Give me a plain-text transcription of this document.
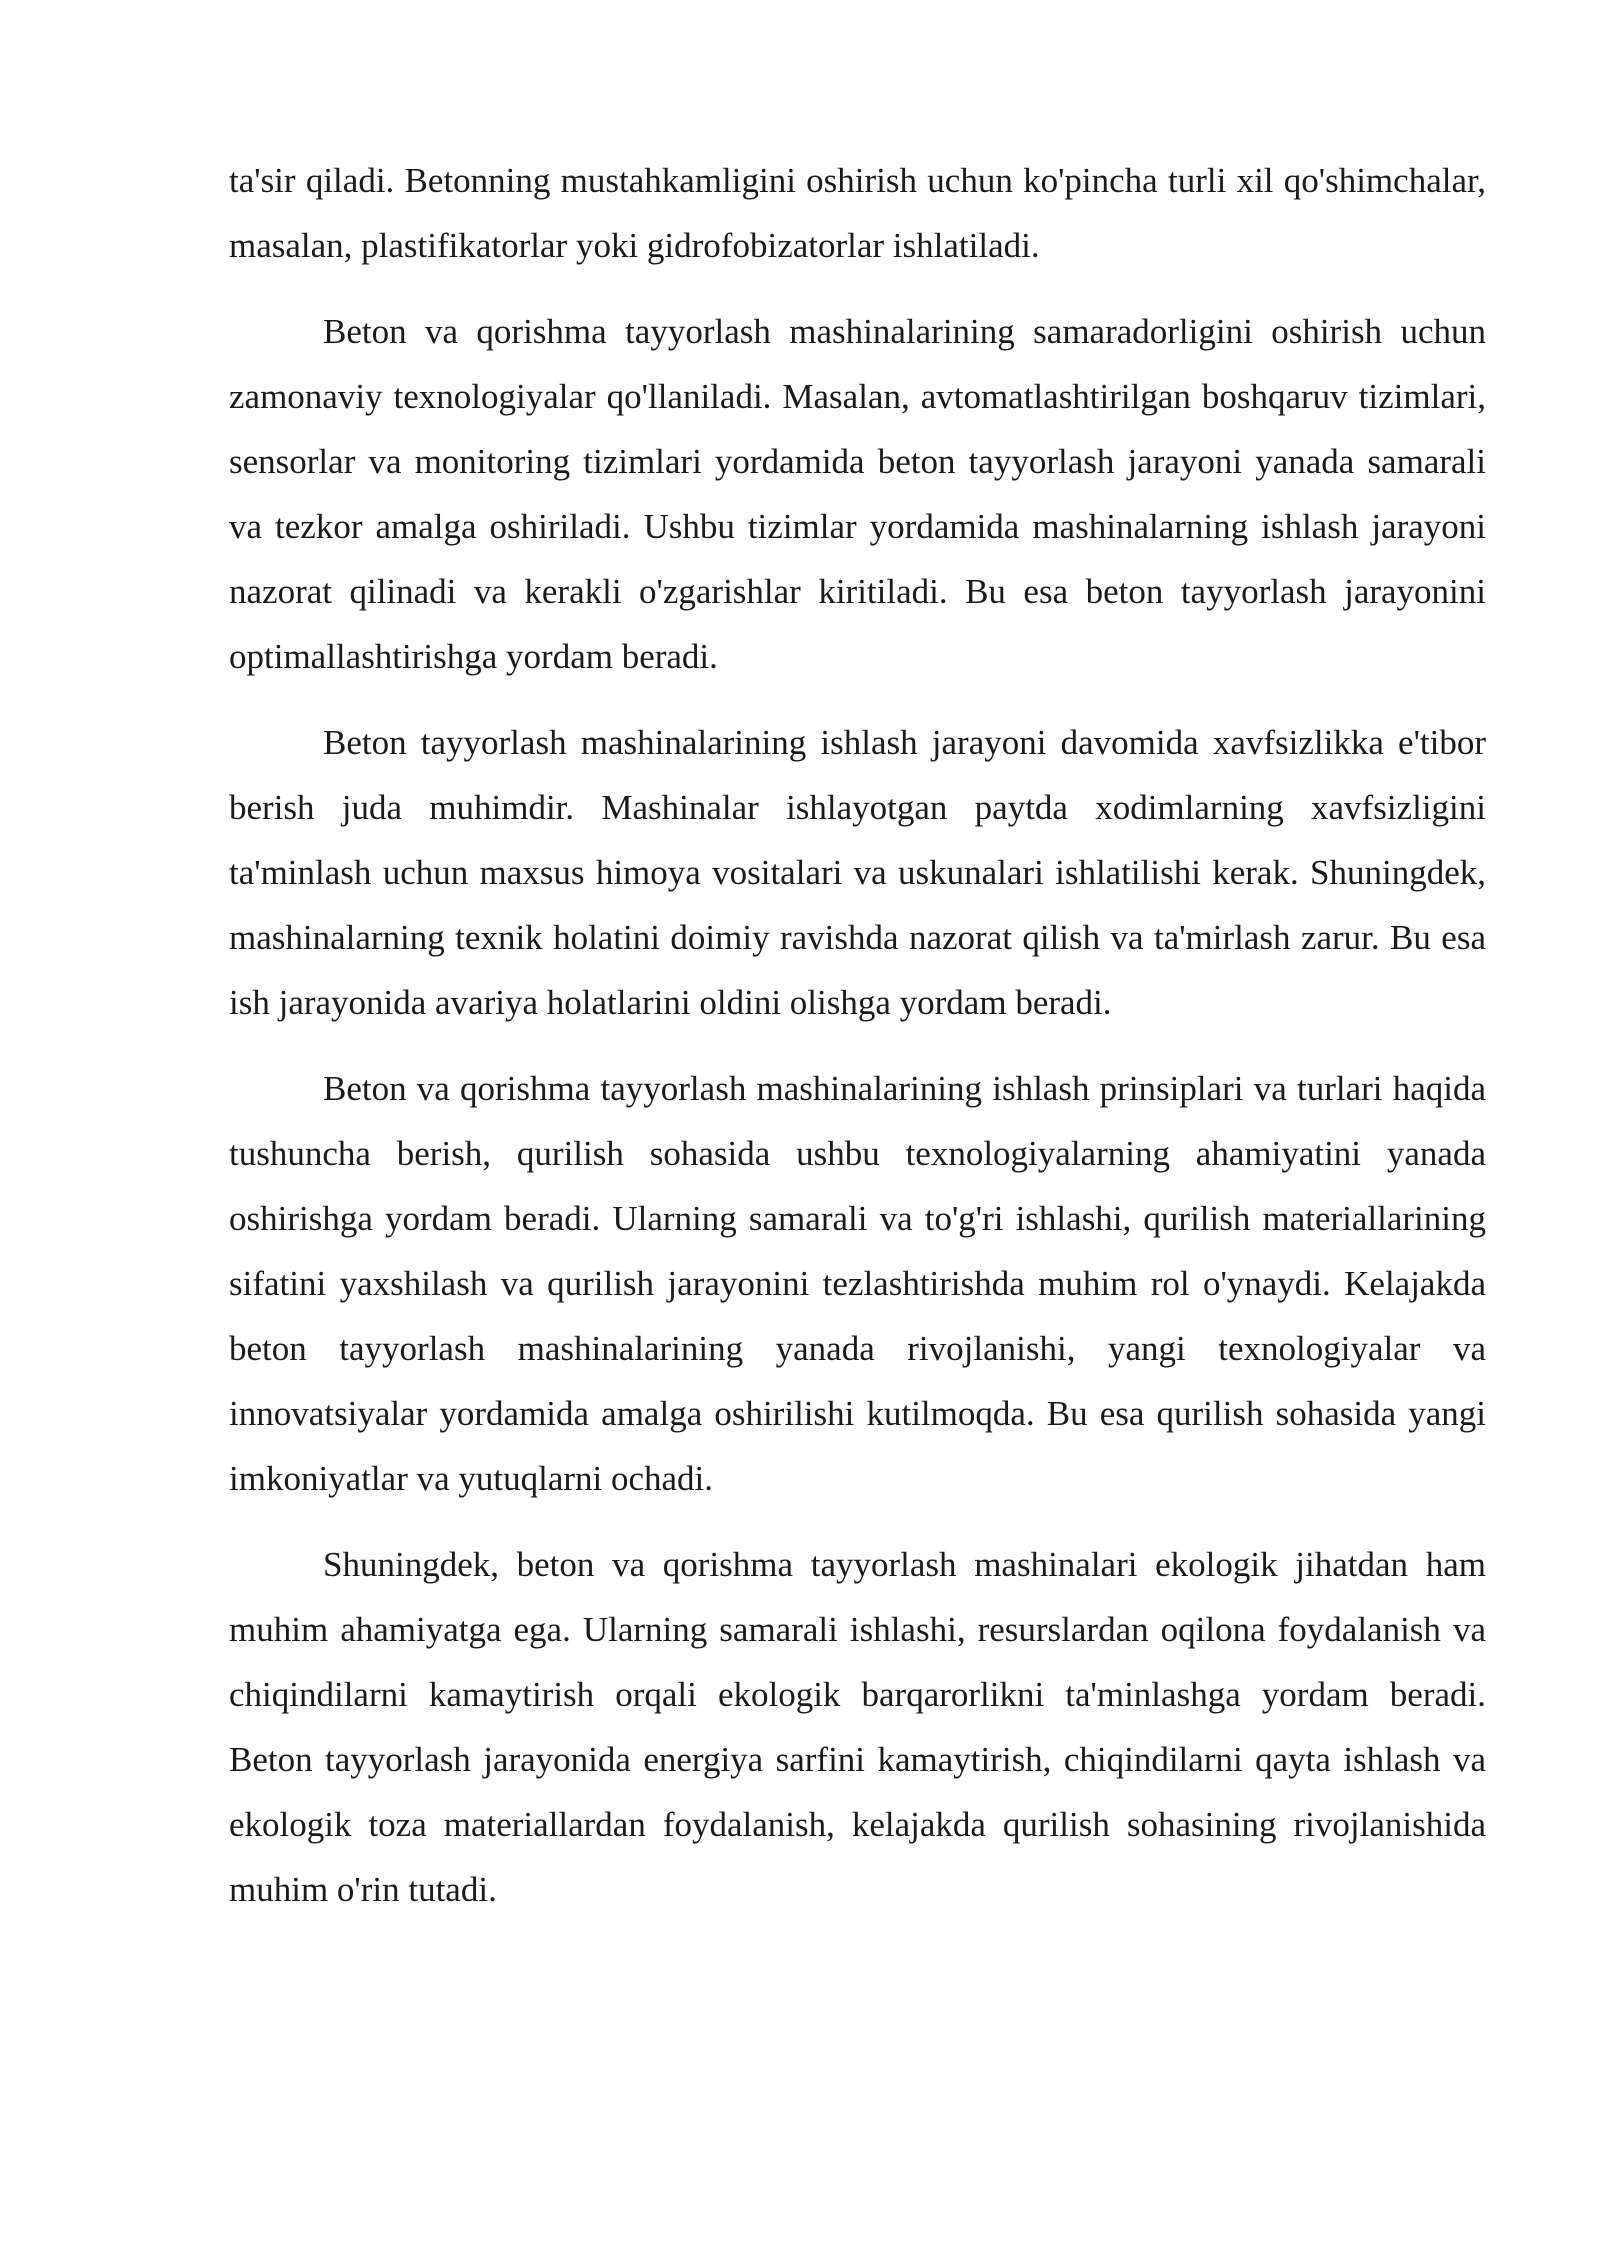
ta'sir qiladi. Betonning mustahkamligini oshirish uchun ko'pincha turli xil qo'shimchalar, masalan, plastifikatorlar yoki gidrofobizatorlar ishlatiladi.

Beton va qorishma tayyorlash mashinalarining samaradorligini oshirish uchun zamonaviy texnologiyalar qo'llaniladi. Masalan, avtomatlashtirilgan boshqaruv tizimlari, sensorlar va monitoring tizimlari yordamida beton tayyorlash jarayoni yanada samarali va tezkor amalga oshiriladi. Ushbu tizimlar yordamida mashinalarning ishlash jarayoni nazorat qilinadi va kerakli o'zgarishlar kiritiladi. Bu esa beton tayyorlash jarayonini optimallashtirishga yordam beradi.

Beton tayyorlash mashinalarining ishlash jarayoni davomida xavfsizlikka e'tibor berish juda muhimdir. Mashinalar ishlayotgan paytda xodimlarning xavfsizligini ta'minlash uchun maxsus himoya vositalari va uskunalari ishlatilishi kerak. Shuningdek, mashinalarning texnik holatini doimiy ravishda nazorat qilish va ta'mirlash zarur. Bu esa ish jarayonida avariya holatlarini oldini olishga yordam beradi.

Beton va qorishma tayyorlash mashinalarining ishlash prinsiplari va turlari haqida tushuncha berish, qurilish sohasida ushbu texnologiyalarning ahamiyatini yanada oshirishga yordam beradi. Ularning samarali va to'g'ri ishlashi, qurilish materiallarining sifatini yaxshilash va qurilish jarayonini tezlashtirishda muhim rol o'ynaydi. Kelajakda beton tayyorlash mashinalarining yanada rivojlanishi, yangi texnologiyalar va innovatsiyalar yordamida amalga oshirilishi kutilmoqda. Bu esa qurilish sohasida yangi imkoniyatlar va yutuqlarni ochadi.

Shuningdek, beton va qorishma tayyorlash mashinalari ekologik jihatdan ham muhim ahamiyatga ega. Ularning samarali ishlashi, resurslardan oqilona foydalanish va chiqindilarni kamaytirish orqali ekologik barqarorlikni ta'minlashga yordam beradi. Beton tayyorlash jarayonida energiya sarfini kamaytirish, chiqindilarni qayta ishlash va ekologik toza materiallardan foydalanish, kelajakda qurilish sohasining rivojlanishida muhim o'rin tutadi.
